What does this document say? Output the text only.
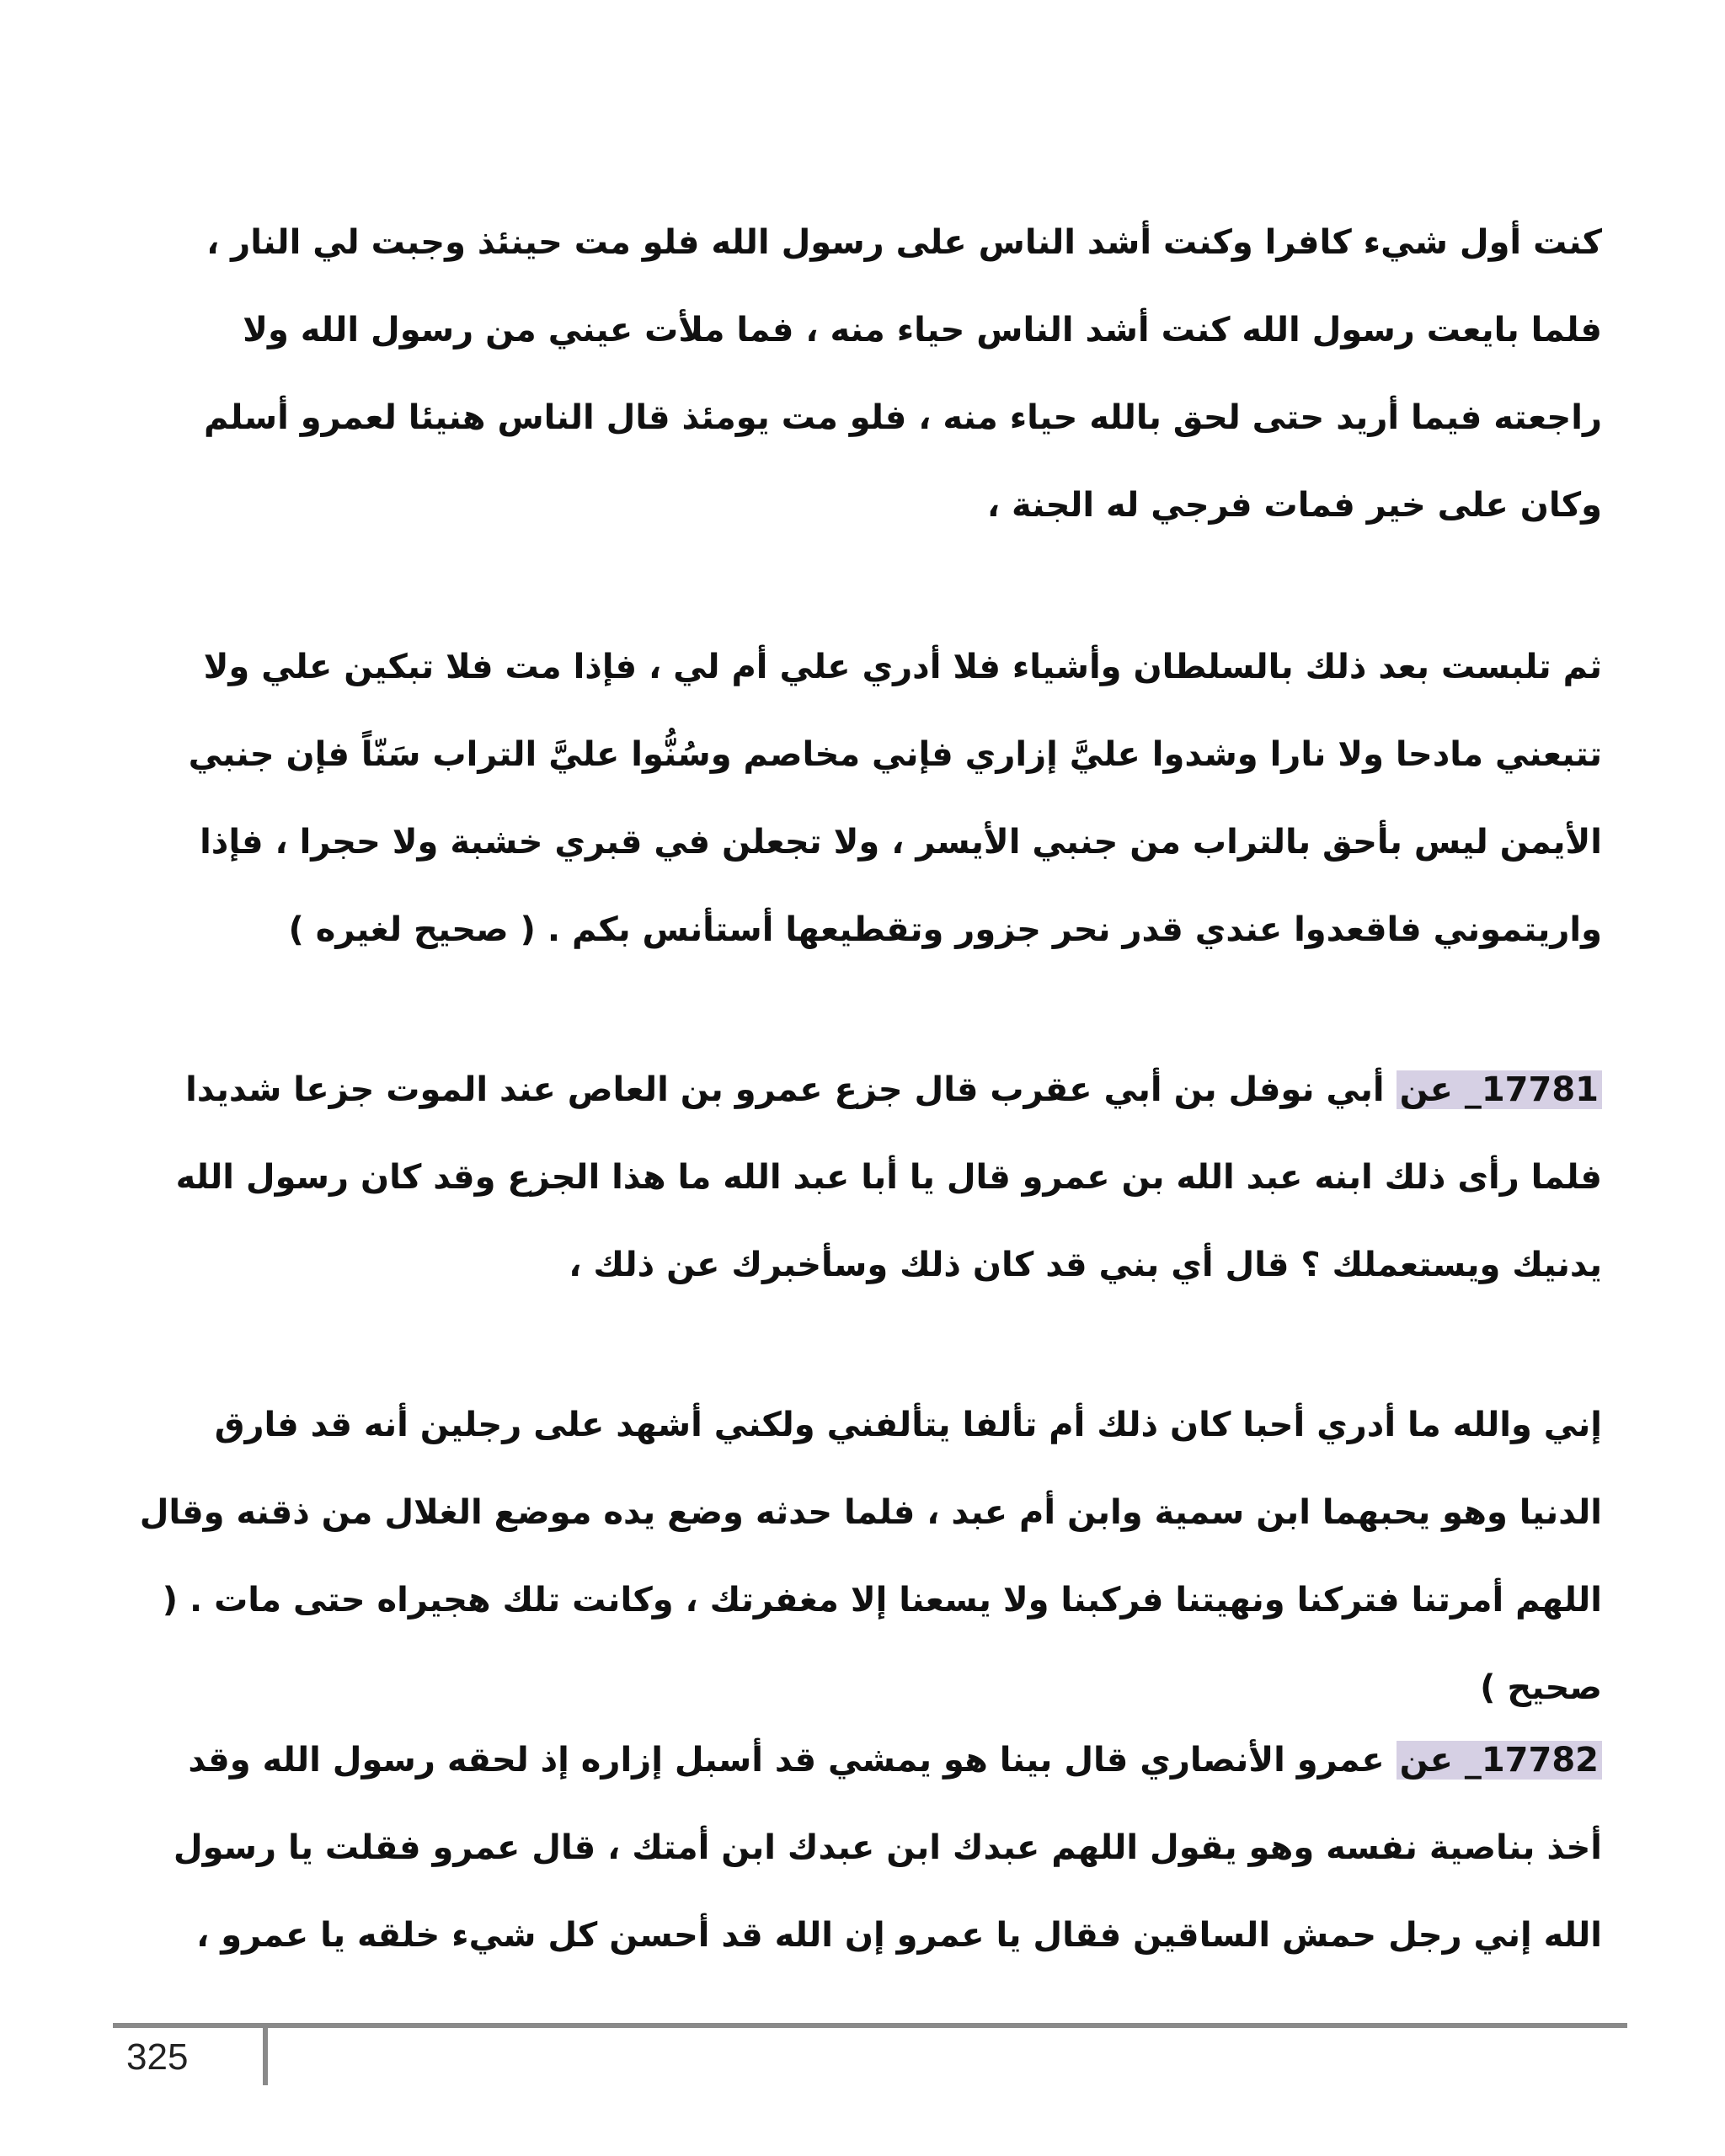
كنت أول شيء كافرا وكنت أشد الناس على رسول الله فلو مت حينئذ وجبت لي النار ، فلما بايعت رسول الله كنت أشد الناس حياء منه ، فما ملأت عيني من رسول الله ولا راجعته فيما أريد حتى لحق بالله حياء منه ، فلو مت يومئذ قال الناس هنيئا لعمرو أسلم وكان على خير فمات فرجي له الجنة ،

ثم تلبست بعد ذلك بالسلطان وأشياء فلا أدري علي أم لي ، فإذا مت فلا تبكين علي ولا تتبعني مادحا ولا نارا وشدوا عليَّ إزاري فإني مخاصم وسُنُّوا عليَّ التراب سَنّاً فإن جنبي الأيمن ليس بأحق بالتراب من جنبي الأيسر ، ولا تجعلن في قبري خشبة ولا حجرا ، فإذا واريتموني فاقعدوا عندي قدر نحر جزور وتقطيعها أستأنس بكم . ( صحيح لغيره )

17781_ عن أبي نوفل بن أبي عقرب قال جزع عمرو بن العاص عند الموت جزعا شديدا فلما رأى ذلك ابنه عبد الله بن عمرو قال يا أبا عبد الله ما هذا الجزع وقد كان رسول الله يدنيك ويستعملك ؟ قال أي بني قد كان ذلك وسأخبرك عن ذلك ،

إني والله ما أدري أحبا كان ذلك أم تألفا يتألفني ولكني أشهد على رجلين أنه قد فارق الدنيا وهو يحبهما ابن سمية وابن أم عبد ، فلما حدثه وضع يده موضع الغلال من ذقنه وقال اللهم أمرتنا فتركنا ونهيتنا فركبنا ولا يسعنا إلا مغفرتك ، وكانت تلك هجيراه حتى مات . ( صحيح )

17782_ عن عمرو الأنصاري قال بينا هو يمشي قد أسبل إزاره إذ لحقه رسول الله وقد أخذ بناصية نفسه وهو يقول اللهم عبدك ابن عبدك ابن أمتك ، قال عمرو فقلت يا رسول الله إني رجل حمش الساقين فقال يا عمرو إن الله قد أحسن كل شيء خلقه يا عمرو ،

325
